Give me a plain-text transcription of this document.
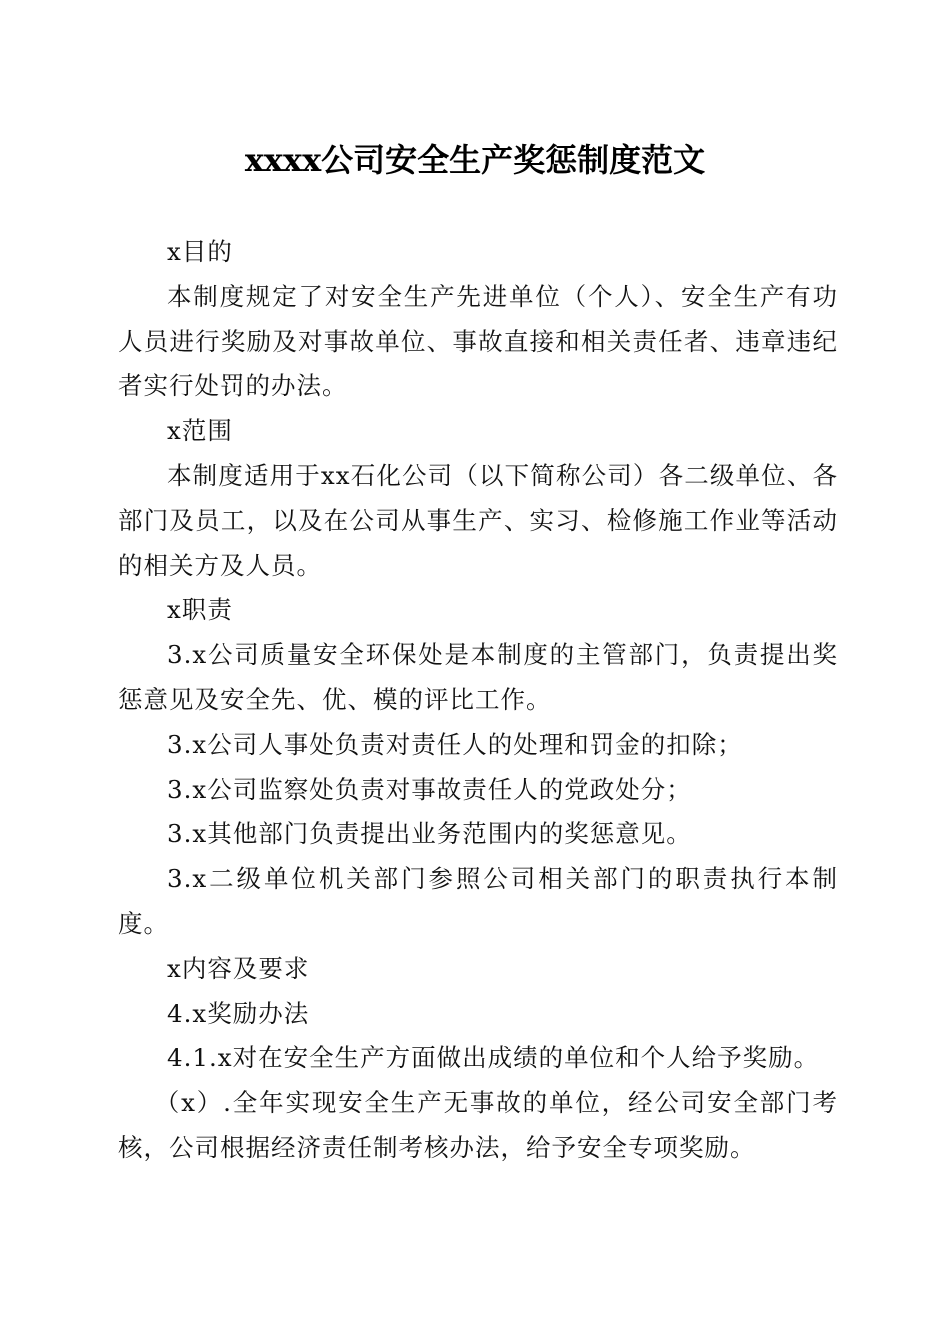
xxxx公司安全生产奖惩制度范文

x目的

本制度规定了对安全生产先进单位（个人）、安全生产有功人员进行奖励及对事故单位、事故直接和相关责任者、违章违纪者实行处罚的办法。

x范围

本制度适用于xx石化公司（以下简称公司）各二级单位、各部门及员工，以及在公司从事生产、实习、检修施工作业等活动的相关方及人员。

x职责

3.x公司质量安全环保处是本制度的主管部门，负责提出奖惩意见及安全先、优、模的评比工作。

3.x公司人事处负责对责任人的处理和罚金的扣除；

3.x公司监察处负责对事故责任人的党政处分；

3.x其他部门负责提出业务范围内的奖惩意见。

3.x二级单位机关部门参照公司相关部门的职责执行本制度。

x内容及要求

4.x奖励办法

4.1.x对在安全生产方面做出成绩的单位和个人给予奖励。

（x）.全年实现安全生产无事故的单位，经公司安全部门考核，公司根据经济责任制考核办法，给予安全专项奖励。
